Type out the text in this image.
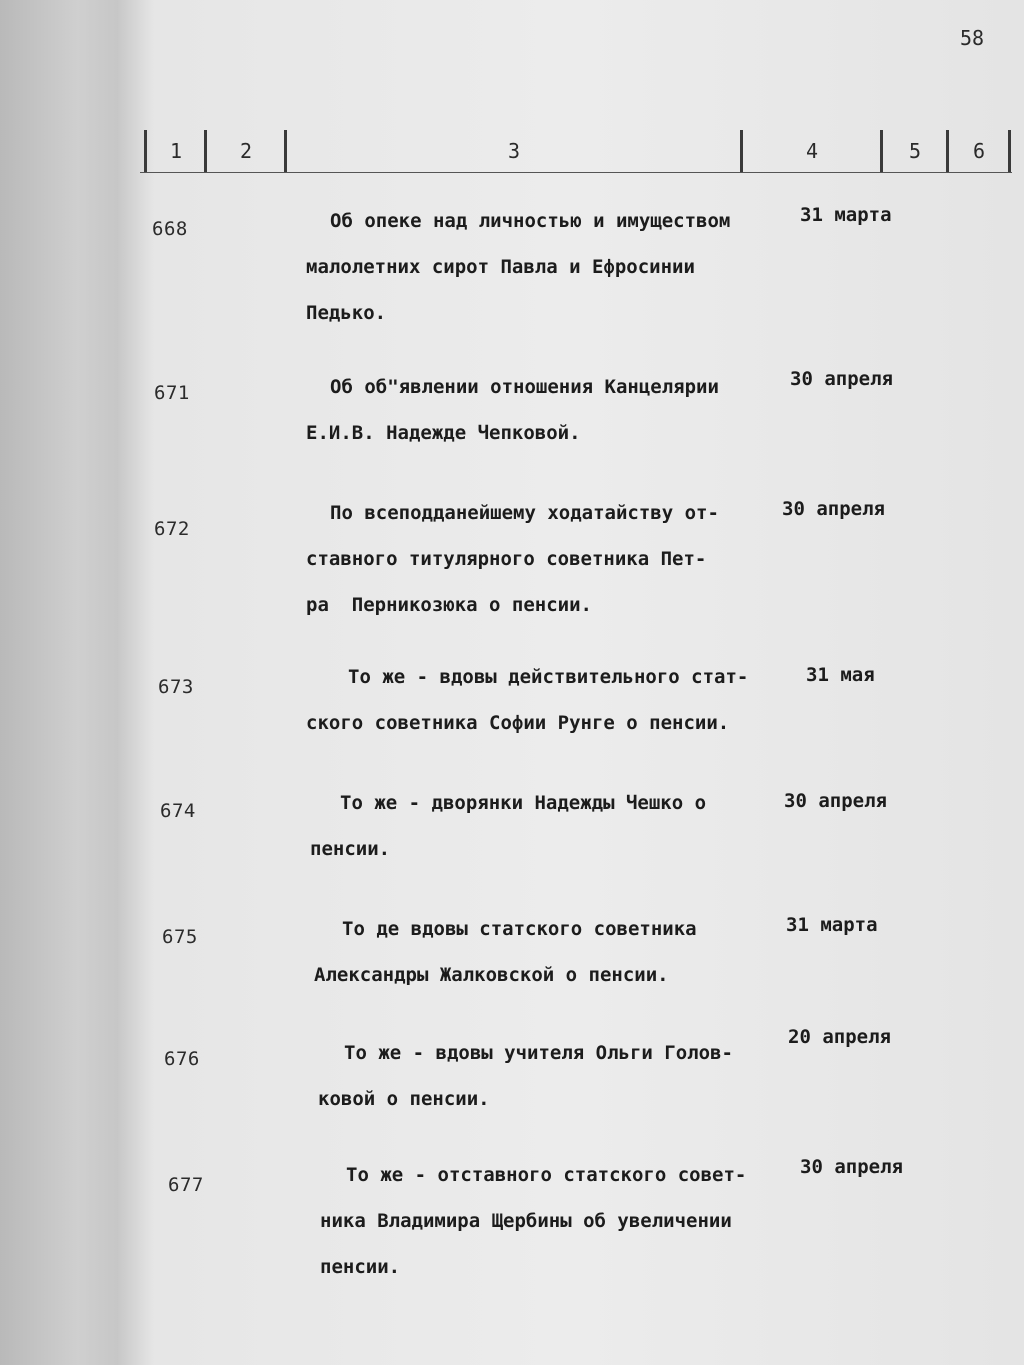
58
1	2	3	4	5	6
668	Об опеке над личностью и имуществом
малолетних сирот Павла и Ефросинии
Педько.
31 марта
671	Об об"явлении отношения Канцелярии
Е.И.В. Надежде Чепковой.
30 апреля
672
По всеподданейшему ходатайству от-
ставного титулярного советника Пет-
ра  Перникозюка о пенсии.
30 апреля
673	То же - вдовы действительного стат-
ского советника Софии Рунге о пенсии.
31 мая
674	То же - дворянки Надежды Чешко о
пенсии.
30 апреля
675	То де вдовы статского советника
Александры Жалковской о пенсии.
31 марта
676	То же - вдовы учителя Ольги Голов-
ковой о пенсии.
20 апреля
677	То же - отставного статского совет-
ника Владимира Щербины об увеличении
пенсии.
30 апреля
